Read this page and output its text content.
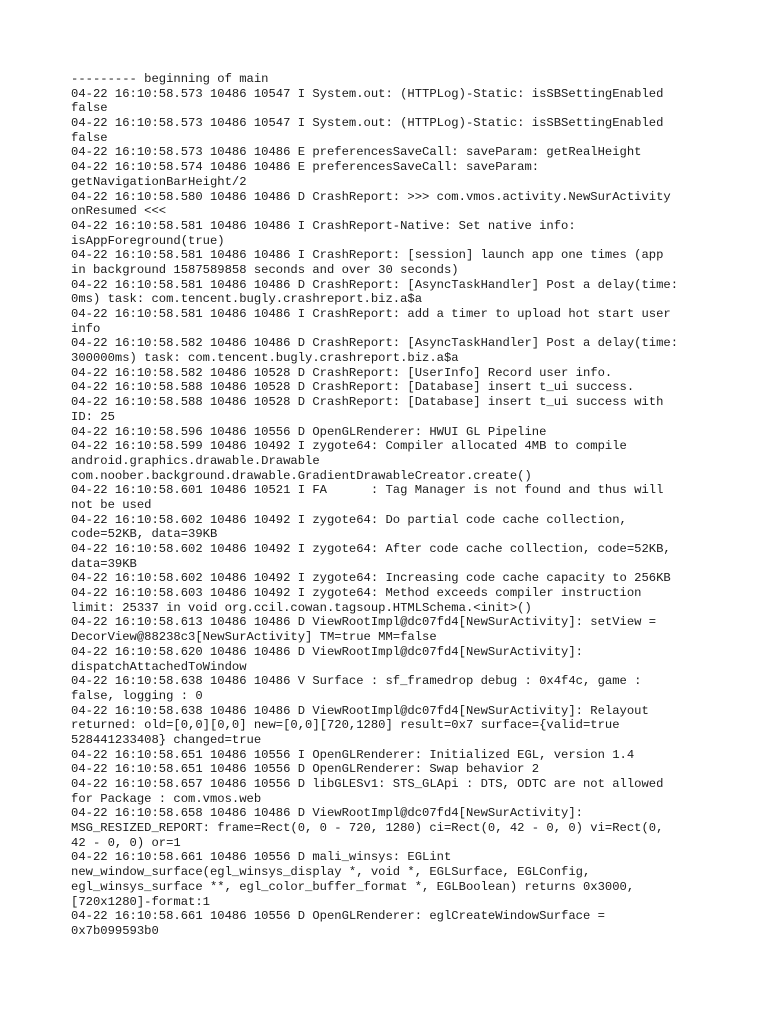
--------- beginning of main
04-22 16:10:58.573 10486 10547 I System.out: (HTTPLog)-Static: isSBSettingEnabled
false
04-22 16:10:58.573 10486 10547 I System.out: (HTTPLog)-Static: isSBSettingEnabled
false
04-22 16:10:58.573 10486 10486 E preferencesSaveCall: saveParam: getRealHeight
04-22 16:10:58.574 10486 10486 E preferencesSaveCall: saveParam:
getNavigationBarHeight/2
04-22 16:10:58.580 10486 10486 D CrashReport: >>> com.vmos.activity.NewSurActivity
onResumed <<<
04-22 16:10:58.581 10486 10486 I CrashReport-Native: Set native info:
isAppForeground(true)
04-22 16:10:58.581 10486 10486 I CrashReport: [session] launch app one times (app
in background 1587589858 seconds and over 30 seconds)
04-22 16:10:58.581 10486 10486 D CrashReport: [AsyncTaskHandler] Post a delay(time:
0ms) task: com.tencent.bugly.crashreport.biz.a$a
04-22 16:10:58.581 10486 10486 I CrashReport: add a timer to upload hot start user
info
04-22 16:10:58.582 10486 10486 D CrashReport: [AsyncTaskHandler] Post a delay(time:
300000ms) task: com.tencent.bugly.crashreport.biz.a$a
04-22 16:10:58.582 10486 10528 D CrashReport: [UserInfo] Record user info.
04-22 16:10:58.588 10486 10528 D CrashReport: [Database] insert t_ui success.
04-22 16:10:58.588 10486 10528 D CrashReport: [Database] insert t_ui success with
ID: 25
04-22 16:10:58.596 10486 10556 D OpenGLRenderer: HWUI GL Pipeline
04-22 16:10:58.599 10486 10492 I zygote64: Compiler allocated 4MB to compile
android.graphics.drawable.Drawable
com.noober.background.drawable.GradientDrawableCreator.create()
04-22 16:10:58.601 10486 10521 I FA      : Tag Manager is not found and thus will
not be used
04-22 16:10:58.602 10486 10492 I zygote64: Do partial code cache collection,
code=52KB, data=39KB
04-22 16:10:58.602 10486 10492 I zygote64: After code cache collection, code=52KB,
data=39KB
04-22 16:10:58.602 10486 10492 I zygote64: Increasing code cache capacity to 256KB
04-22 16:10:58.603 10486 10492 I zygote64: Method exceeds compiler instruction
limit: 25337 in void org.ccil.cowan.tagsoup.HTMLSchema.<init>()
04-22 16:10:58.613 10486 10486 D ViewRootImpl@dc07fd4[NewSurActivity]: setView =
DecorView@88238c3[NewSurActivity] TM=true MM=false
04-22 16:10:58.620 10486 10486 D ViewRootImpl@dc07fd4[NewSurActivity]:
dispatchAttachedToWindow
04-22 16:10:58.638 10486 10486 V Surface : sf_framedrop debug : 0x4f4c, game :
false, logging : 0
04-22 16:10:58.638 10486 10486 D ViewRootImpl@dc07fd4[NewSurActivity]: Relayout
returned: old=[0,0][0,0] new=[0,0][720,1280] result=0x7 surface={valid=true
528441233408} changed=true
04-22 16:10:58.651 10486 10556 I OpenGLRenderer: Initialized EGL, version 1.4
04-22 16:10:58.651 10486 10556 D OpenGLRenderer: Swap behavior 2
04-22 16:10:58.657 10486 10556 D libGLESv1: STS_GLApi : DTS, ODTC are not allowed
for Package : com.vmos.web
04-22 16:10:58.658 10486 10486 D ViewRootImpl@dc07fd4[NewSurActivity]:
MSG_RESIZED_REPORT: frame=Rect(0, 0 - 720, 1280) ci=Rect(0, 42 - 0, 0) vi=Rect(0,
42 - 0, 0) or=1
04-22 16:10:58.661 10486 10556 D mali_winsys: EGLint
new_window_surface(egl_winsys_display *, void *, EGLSurface, EGLConfig,
egl_winsys_surface **, egl_color_buffer_format *, EGLBoolean) returns 0x3000,
[720x1280]-format:1
04-22 16:10:58.661 10486 10556 D OpenGLRenderer: eglCreateWindowSurface =
0x7b099593b0
